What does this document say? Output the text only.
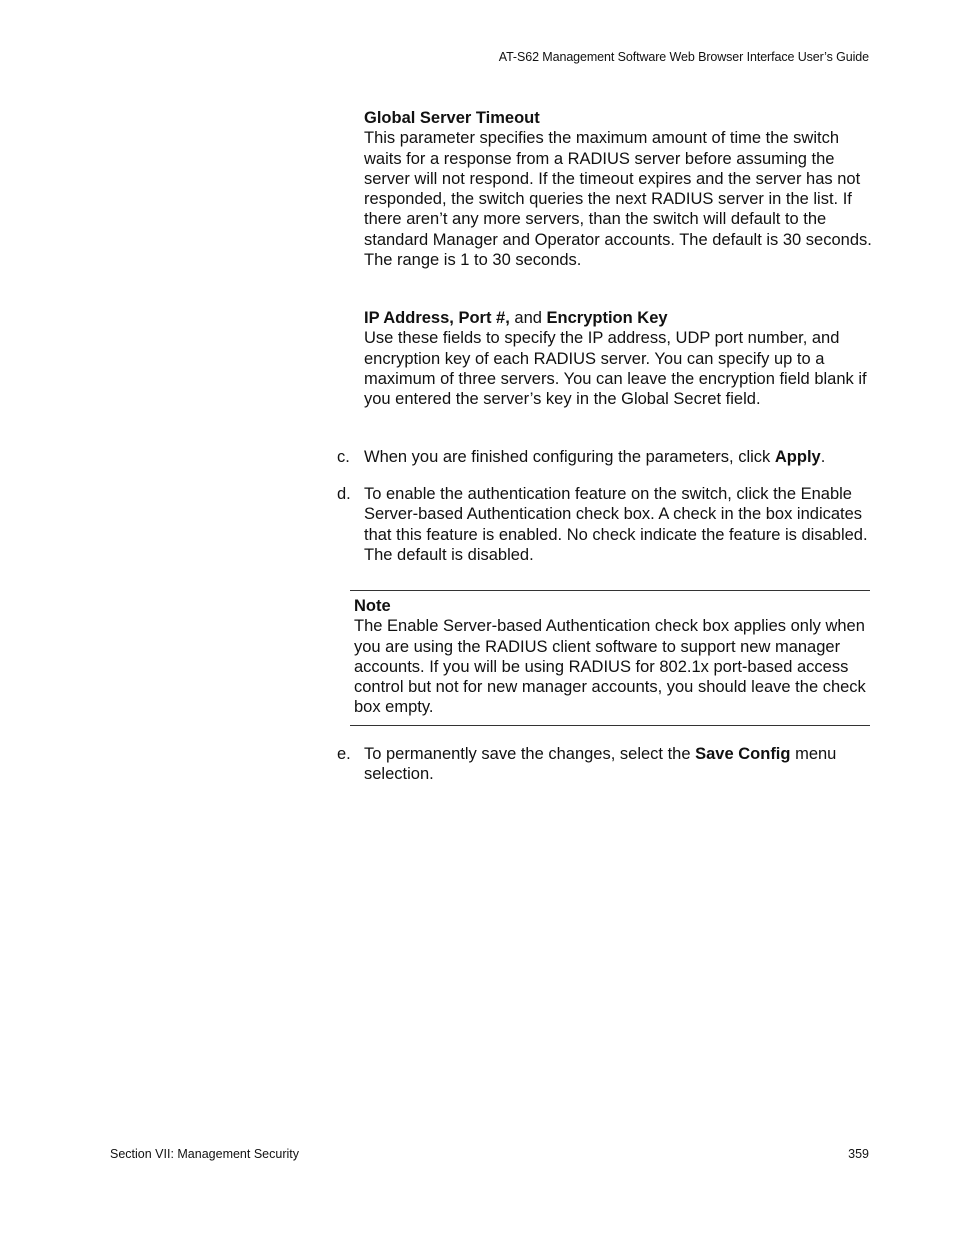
AT-S62 Management Software Web Browser Interface User’s Guide
Global Server Timeout
This parameter specifies the maximum amount of time the switch waits for a response from a RADIUS server before assuming the server will not respond. If the timeout expires and the server has not responded, the switch queries the next RADIUS server in the list. If there aren’t any more servers, than the switch will default to the standard Manager and Operator accounts. The default is 30 seconds. The range is 1 to 30 seconds.
IP Address, Port #, and Encryption Key
Use these fields to specify the IP address, UDP port number, and encryption key of each RADIUS server. You can specify up to a maximum of three servers. You can leave the encryption field blank if you entered the server’s key in the Global Secret field.
c. When you are finished configuring the parameters, click Apply.
d. To enable the authentication feature on the switch, click the Enable Server-based Authentication check box. A check in the box indicates that this feature is enabled. No check indicate the feature is disabled. The default is disabled.
Note
The Enable Server-based Authentication check box applies only when you are using the RADIUS client software to support new manager accounts. If you will be using RADIUS for 802.1x port-based access control but not for new manager accounts, you should leave the check box empty.
e. To permanently save the changes, select the Save Config menu selection.
Section VII: Management Security	359
